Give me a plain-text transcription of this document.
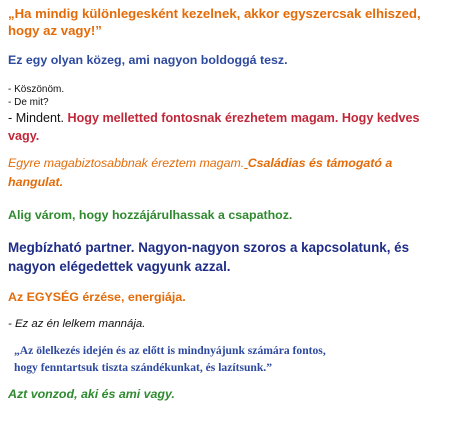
„Ha mindig különlegesként kezelnek, akkor egyszercsak elhiszed,
hogy az vagy!”

Ez egy olyan közeg, ami nagyon boldoggá tesz.

- Köszönöm.

- De mit?

- Mindent. Hogy melletted fontosnak érezhetem magam. Hogy kedves
vagy.

Egyre magabiztosabbnak éreztem magam. Családias és támogató a
hangulat.

Alig várom, hogy hozzájárulhassak a csapathoz.

Megbízható partner. Nagyon-nagyon szoros a kapcsolatunk, és
nagyon elégedettek vagyunk azzal.

Az EGYSÉG érzése, energiája.

- Ez az én lelkem mannája.

„Az ölelkezés idején és az előtt is mindnyájunk számára fontos,
hogy fenntartsuk tiszta szándékunkat, és lazítsunk.”

Azt vonzod, aki és ami vagy.
